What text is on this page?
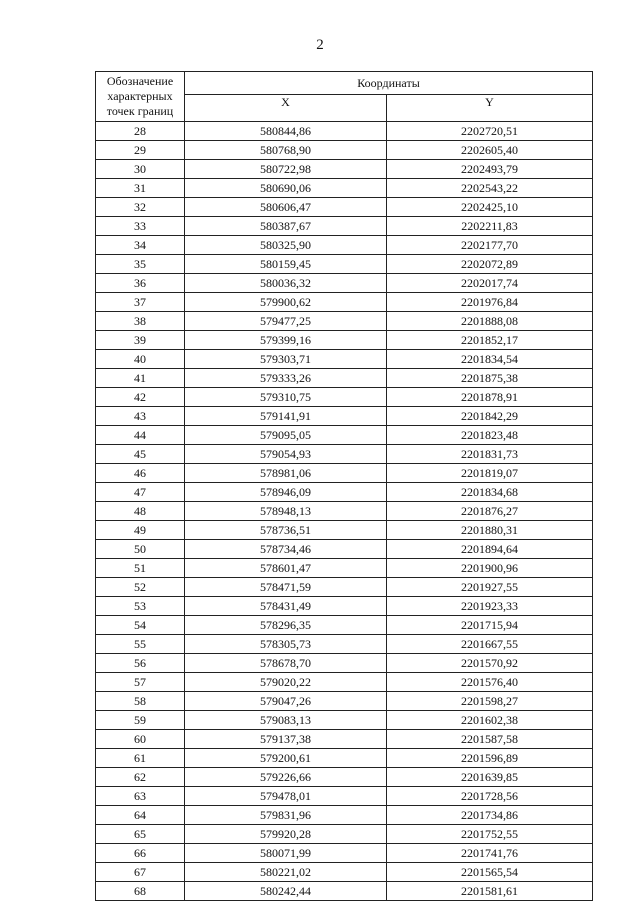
2
Обозначение характерных точек границ	Координаты	
	X	Y
28	580844,86	2202720,51
29	580768,90	2202605,40
30	580722,98	2202493,79
31	580690,06	2202543,22
32	580606,47	2202425,10
33	580387,67	2202211,83
34	580325,90	2202177,70
35	580159,45	2202072,89
36	580036,32	2202017,74
37	579900,62	2201976,84
38	579477,25	2201888,08
39	579399,16	2201852,17
40	579303,71	2201834,54
41	579333,26	2201875,38
42	579310,75	2201878,91
43	579141,91	2201842,29
44	579095,05	2201823,48
45	579054,93	2201831,73
46	578981,06	2201819,07
47	578946,09	2201834,68
48	578948,13	2201876,27
49	578736,51	2201880,31
50	578734,46	2201894,64
51	578601,47	2201900,96
52	578471,59	2201927,55
53	578431,49	2201923,33
54	578296,35	2201715,94
55	578305,73	2201667,55
56	578678,70	2201570,92
57	579020,22	2201576,40
58	579047,26	2201598,27
59	579083,13	2201602,38
60	579137,38	2201587,58
61	579200,61	2201596,89
62	579226,66	2201639,85
63	579478,01	2201728,56
64	579831,96	2201734,86
65	579920,28	2201752,55
66	580071,99	2201741,76
67	580221,02	2201565,54
68	580242,44	2201581,61
